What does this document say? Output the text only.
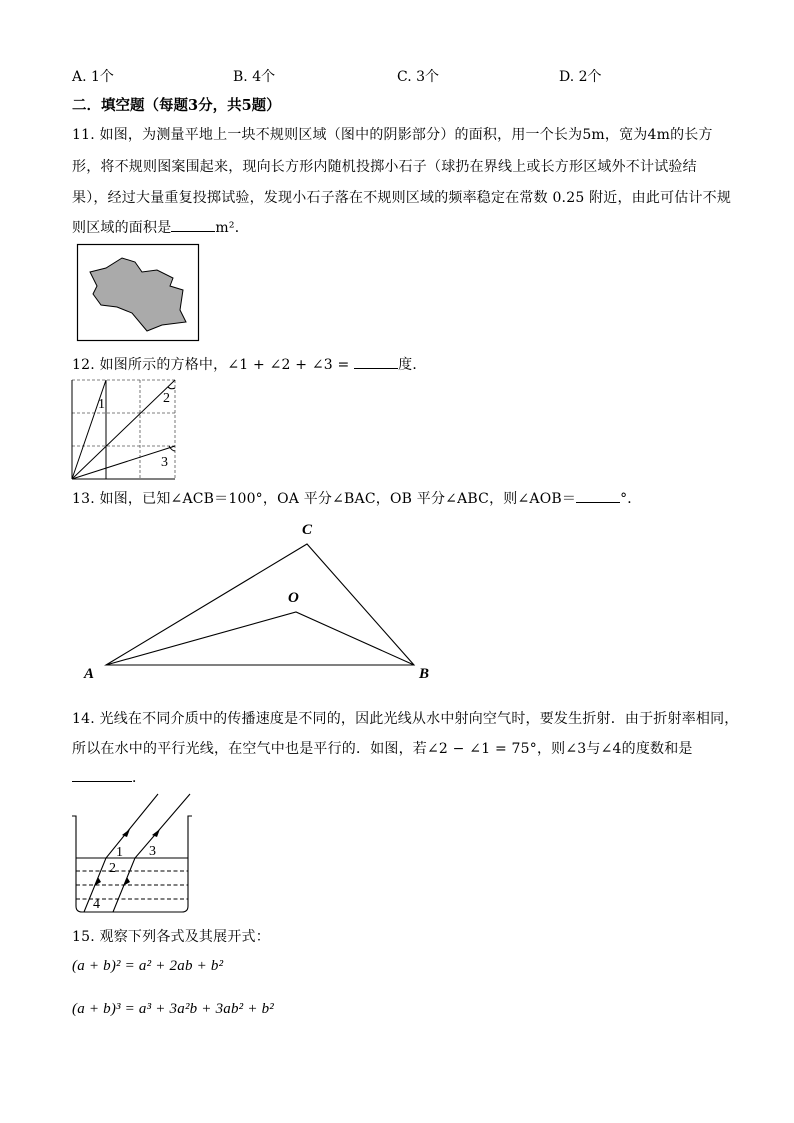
A. 1个	B. 4个	C. 3个	D. 2个
二．填空题（每题3分，共5题）
11. 如图，为测量平地上一块不规则区域（图中的阴影部分）的面积，用一个长为5m，宽为4m的长方
形，将不规则图案围起来，现向长方形内随机投掷小石子（球扔在界线上或长方形区域外不计试验结
果），经过大量重复投掷试验，发现小石子落在不规则区域的频率稳定在常数 0.25 附近，由此可估计不规
则区域的面积是	m²．
12. 如图所示的方格中，∠1 + ∠2 + ∠3 =	度．
1	2
3
13. 如图，已知∠ACB＝100°，OA 平分∠BAC，OB 平分∠ABC，则∠AOB＝	°．
C
O
A	B
14. 光线在不同介质中的传播速度是不同的，因此光线从水中射向空气时，要发生折射．由于折射率相同，
所以在水中的平行光线，在空气中也是平行的．如图，若∠2 − ∠1 = 75°，则∠3与∠4的度数和是
．
1
2
3
4
15. 观察下列各式及其展开式：
(a + b)² = a² + 2ab + b²
(a + b)³ = a³ + 3a²b + 3ab² + b²
